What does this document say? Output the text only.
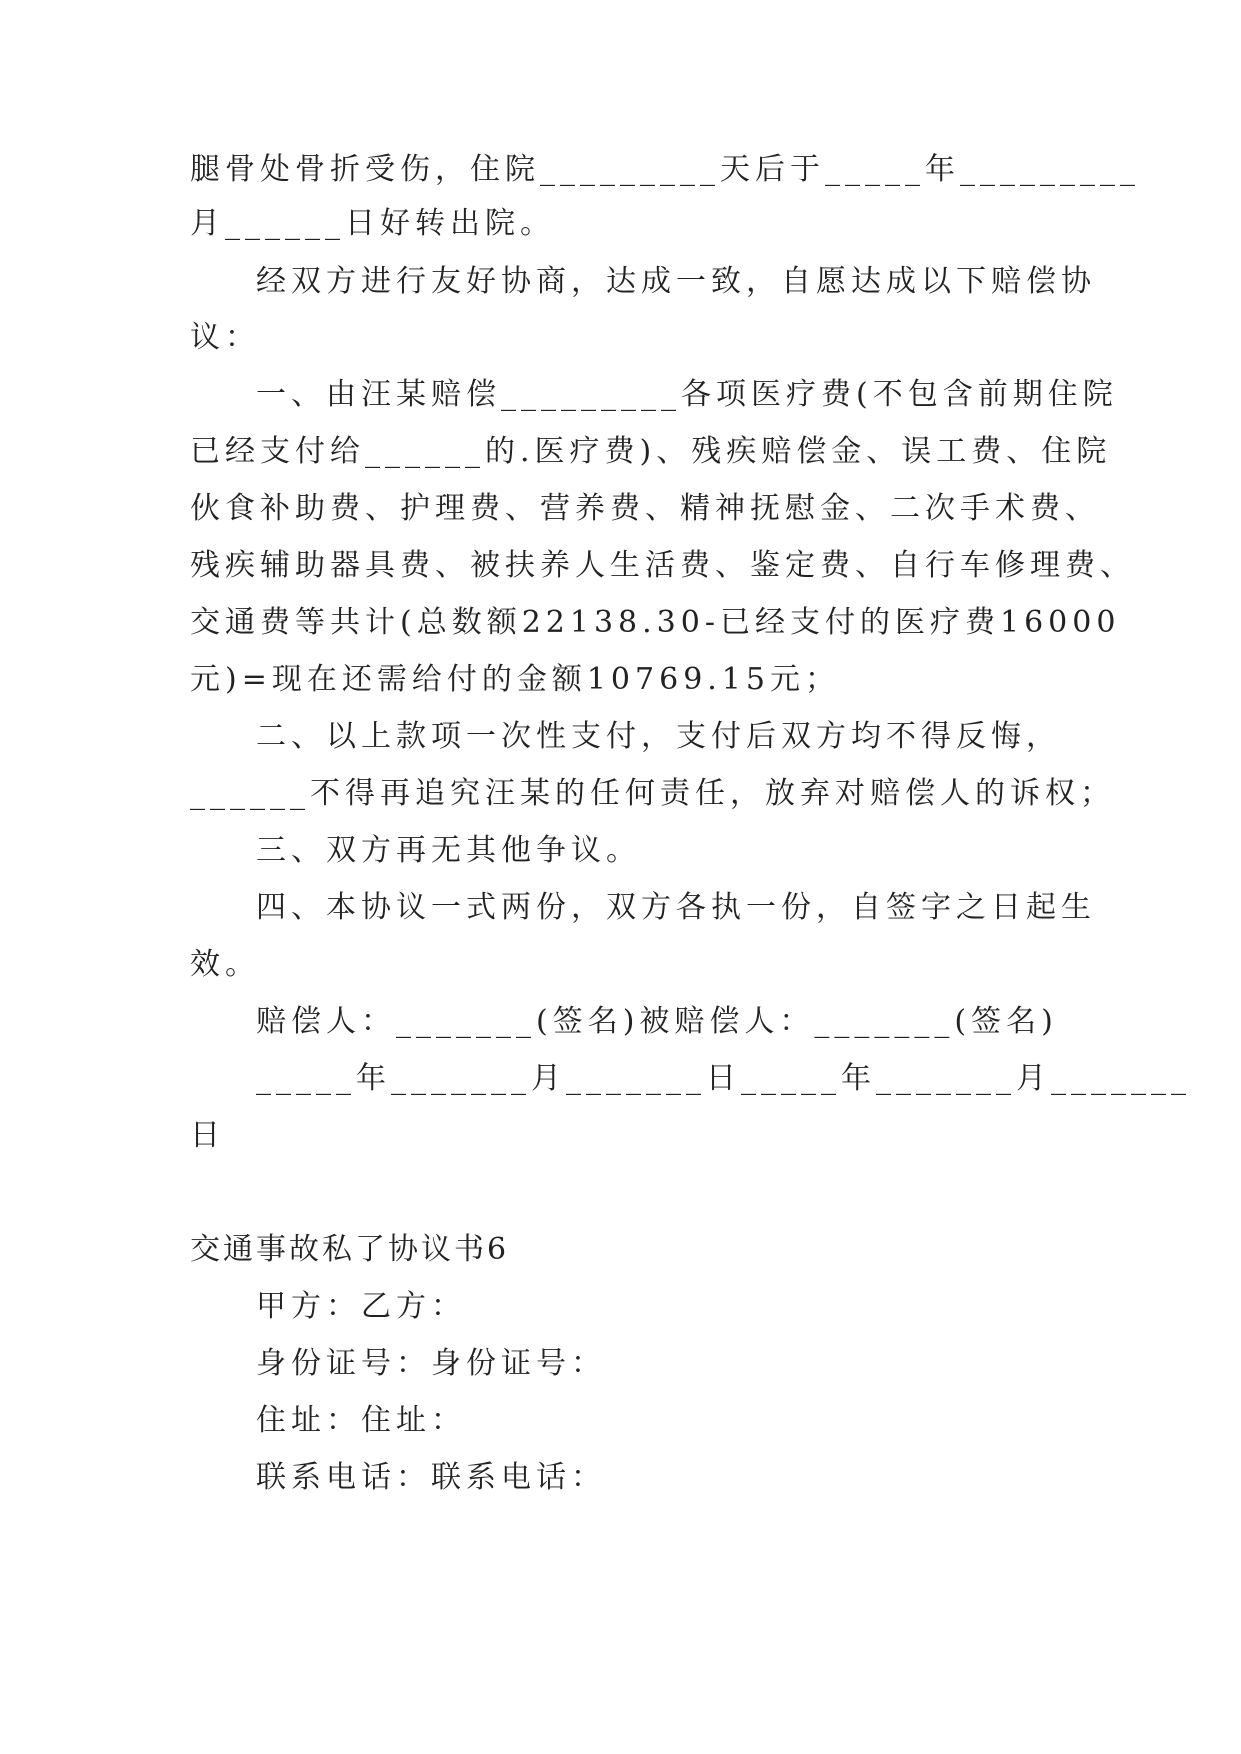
腿骨处骨折受伤，住院_________天后于_____年_________
月______日好转出院。
经双方进行友好协商，达成一致，自愿达成以下赔偿协
议：
一、由汪某赔偿_________各项医疗费(不包含前期住院
已经支付给______的.医疗费)、残疾赔偿金、误工费、住院
伙食补助费、护理费、营养费、精神抚慰金、二次手术费、
残疾辅助器具费、被扶养人生活费、鉴定费、自行车修理费、
交通费等共计(总数额22138.30-已经支付的医疗费16000
元)=现在还需给付的金额10769.15元；
二、以上款项一次性支付，支付后双方均不得反悔，
______不得再追究汪某的任何责任，放弃对赔偿人的诉权；
三、双方再无其他争议。
四、本协议一式两份，双方各执一份，自签字之日起生
效。
赔偿人：_______(签名)被赔偿人：_______(签名)
_____年_______月_______日_____年_______月_______
日
交通事故私了协议书6
甲方：乙方：
身份证号：身份证号：
住址：住址：
联系电话：联系电话：
